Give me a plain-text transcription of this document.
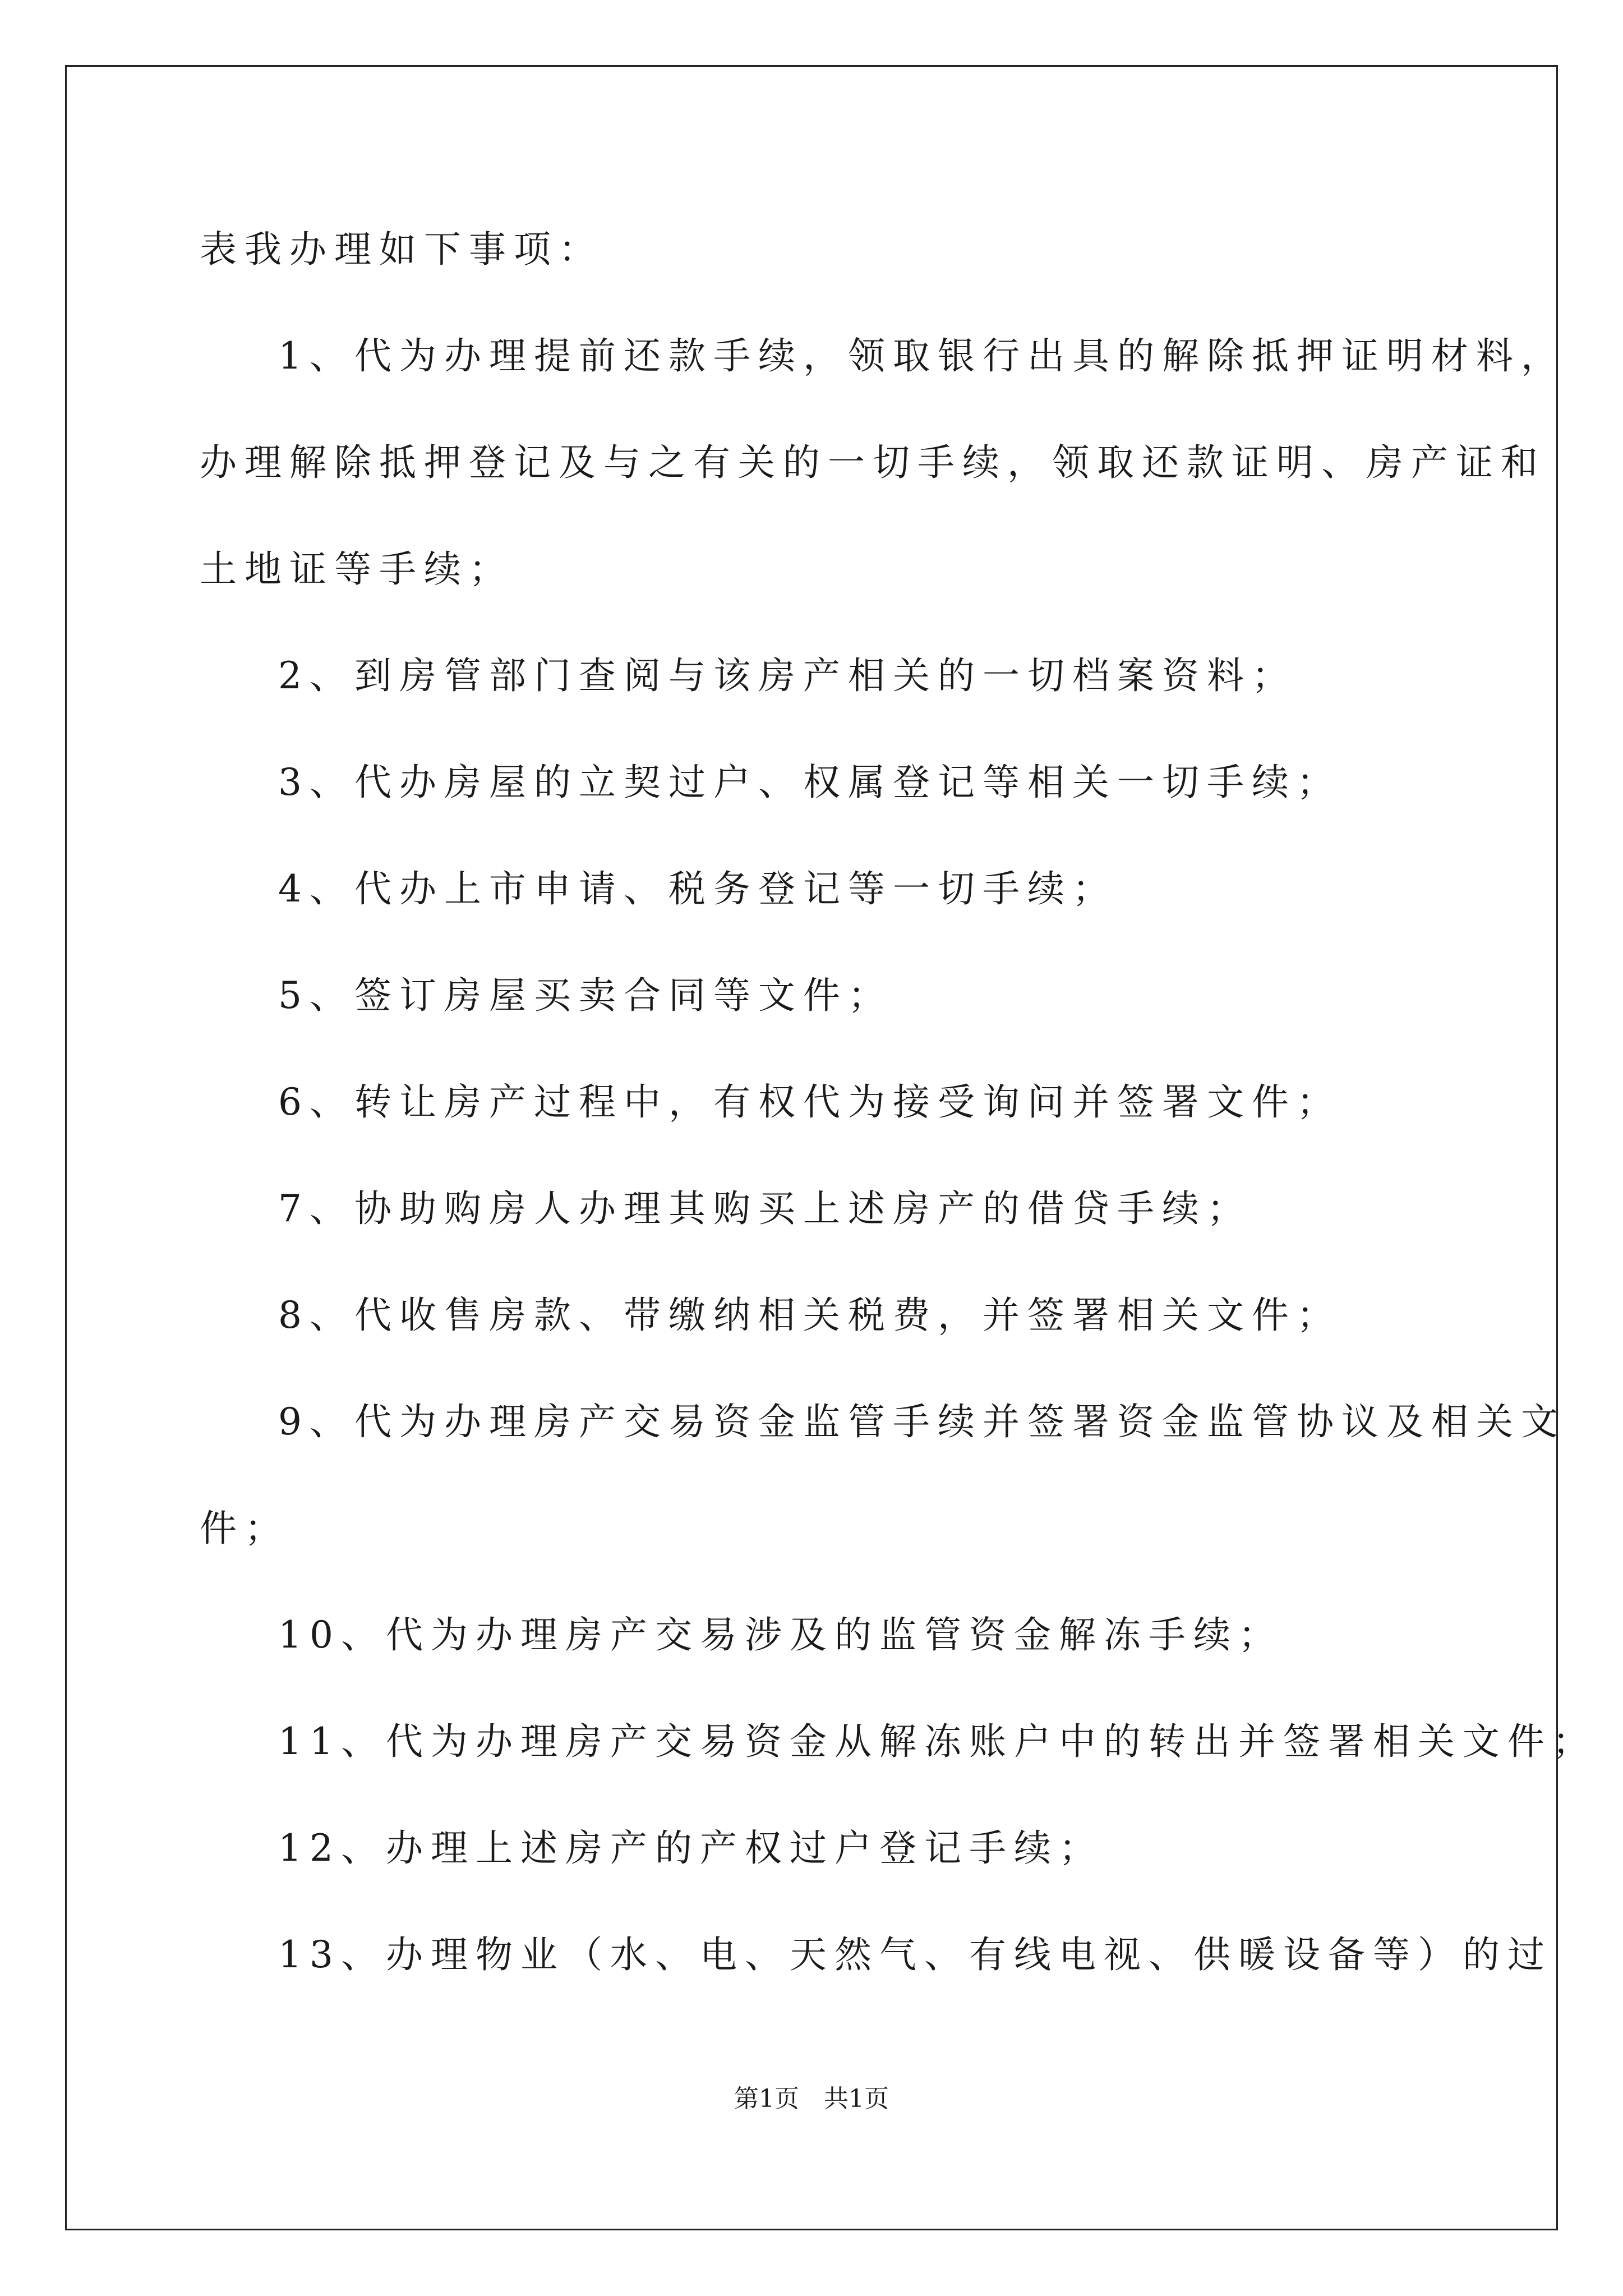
表我办理如下事项：
1、代为办理提前还款手续，领取银行出具的解除抵押证明材料，
办理解除抵押登记及与之有关的一切手续，领取还款证明、房产证和
土地证等手续；
2、到房管部门查阅与该房产相关的一切档案资料；
3、代办房屋的立契过户、权属登记等相关一切手续；
4、代办上市申请、税务登记等一切手续；
5、签订房屋买卖合同等文件；
6、转让房产过程中，有权代为接受询问并签署文件；
7、协助购房人办理其购买上述房产的借贷手续；
8、代收售房款、带缴纳相关税费，并签署相关文件；
9、代为办理房产交易资金监管手续并签署资金监管协议及相关文
件；
10、代为办理房产交易涉及的监管资金解冻手续；
11、代为办理房产交易资金从解冻账户中的转出并签署相关文件；
12、办理上述房产的产权过户登记手续；
13、办理物业（水、电、天然气、有线电视、供暖设备等）的过
第1页　共1页
